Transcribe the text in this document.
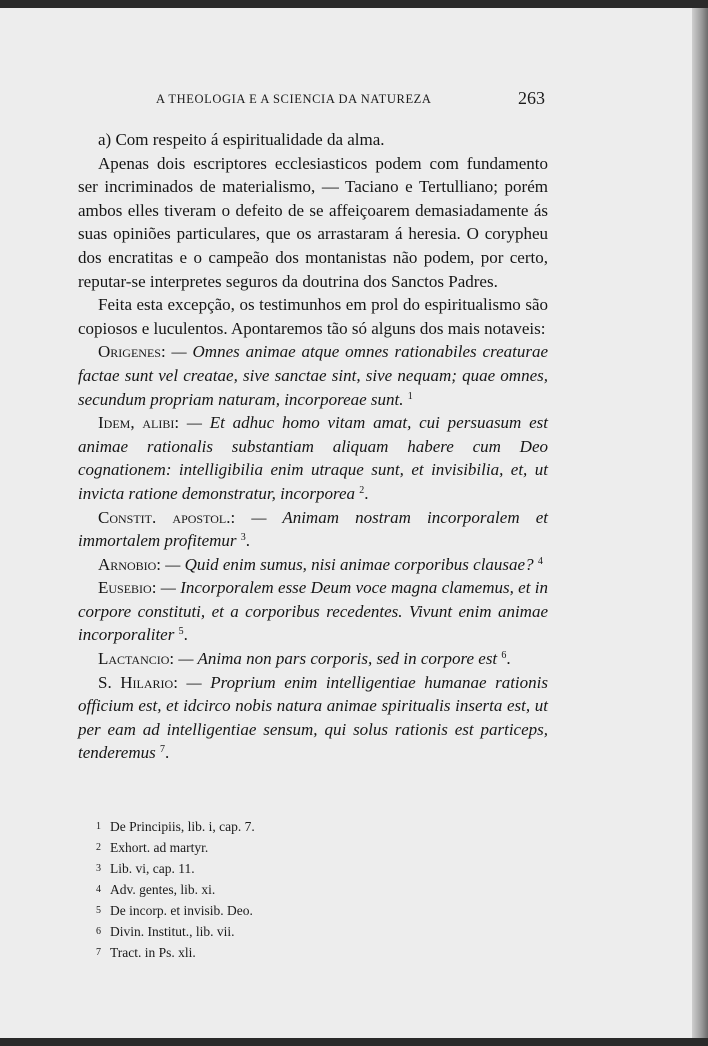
A THEOLOGIA E A SCIENCIA DA NATUREZA	263

a) Com respeito á espiritualidade da alma.

Apenas dois escriptores ecclesiasticos podem com fundamento ser incriminados de materialismo, — Taciano e Tertulliano; porém ambos elles tiveram o defeito de se affeiçoarem demasiadamente ás suas opiniões particulares, que os arrastaram á heresia. O corypheu dos encratitas e o campeão dos montanistas não podem, por certo, reputar-se interpretes seguros da doutrina dos Sanctos Padres.

Feita esta excepção, os testimunhos em prol do espiritualismo são copiosos e luculentos. Apontaremos tão só alguns dos mais notaveis:

Origenes: — Omnes animae atque omnes rationabiles creaturae factae sunt vel creatae, sive sanctae sint, sive nequam; quae omnes, secundum propriam naturam, incorporeae sunt. $^1$

Idem, alibi: — Et adhuc homo vitam amat, cui persuasum est animae rationalis substantiam aliquam habere cum Deo cognationem: intelligibilia enim utraque sunt, et invisibilia, et, ut invicta ratione demonstratur, incorporea $^2$.

Constit. apostol.: — Animam nostram incorporalem et immortalem profitemur $^3$.

Arnobio: — Quid enim sumus, nisi animae corporibus clausae? $^4$

Eusebio: — Incorporalem esse Deum voce magna clamemus, et in corpore constituti, et a corporibus recedentes. Vivunt enim animae incorporaliter $^5$.

Lactancio: — Anima non pars corporis, sed in corpore est $^6$.

S. Hilario: — Proprium enim intelligentiae humanae rationis officium est, et idcirco nobis natura animae spiritualis inserta est, ut per eam ad intelligentiae sensum, qui solus rationis est particeps, tenderemus $^7$.

1 De Principiis, lib. i, cap. 7.
2 Exhort. ad martyr.
3 Lib. vi, cap. 11.
4 Adv. gentes, lib. xi.
5 De incorp. et invisib. Deo.
6 Divin. Institut., lib. vii.
7 Tract. in Ps. xli.
